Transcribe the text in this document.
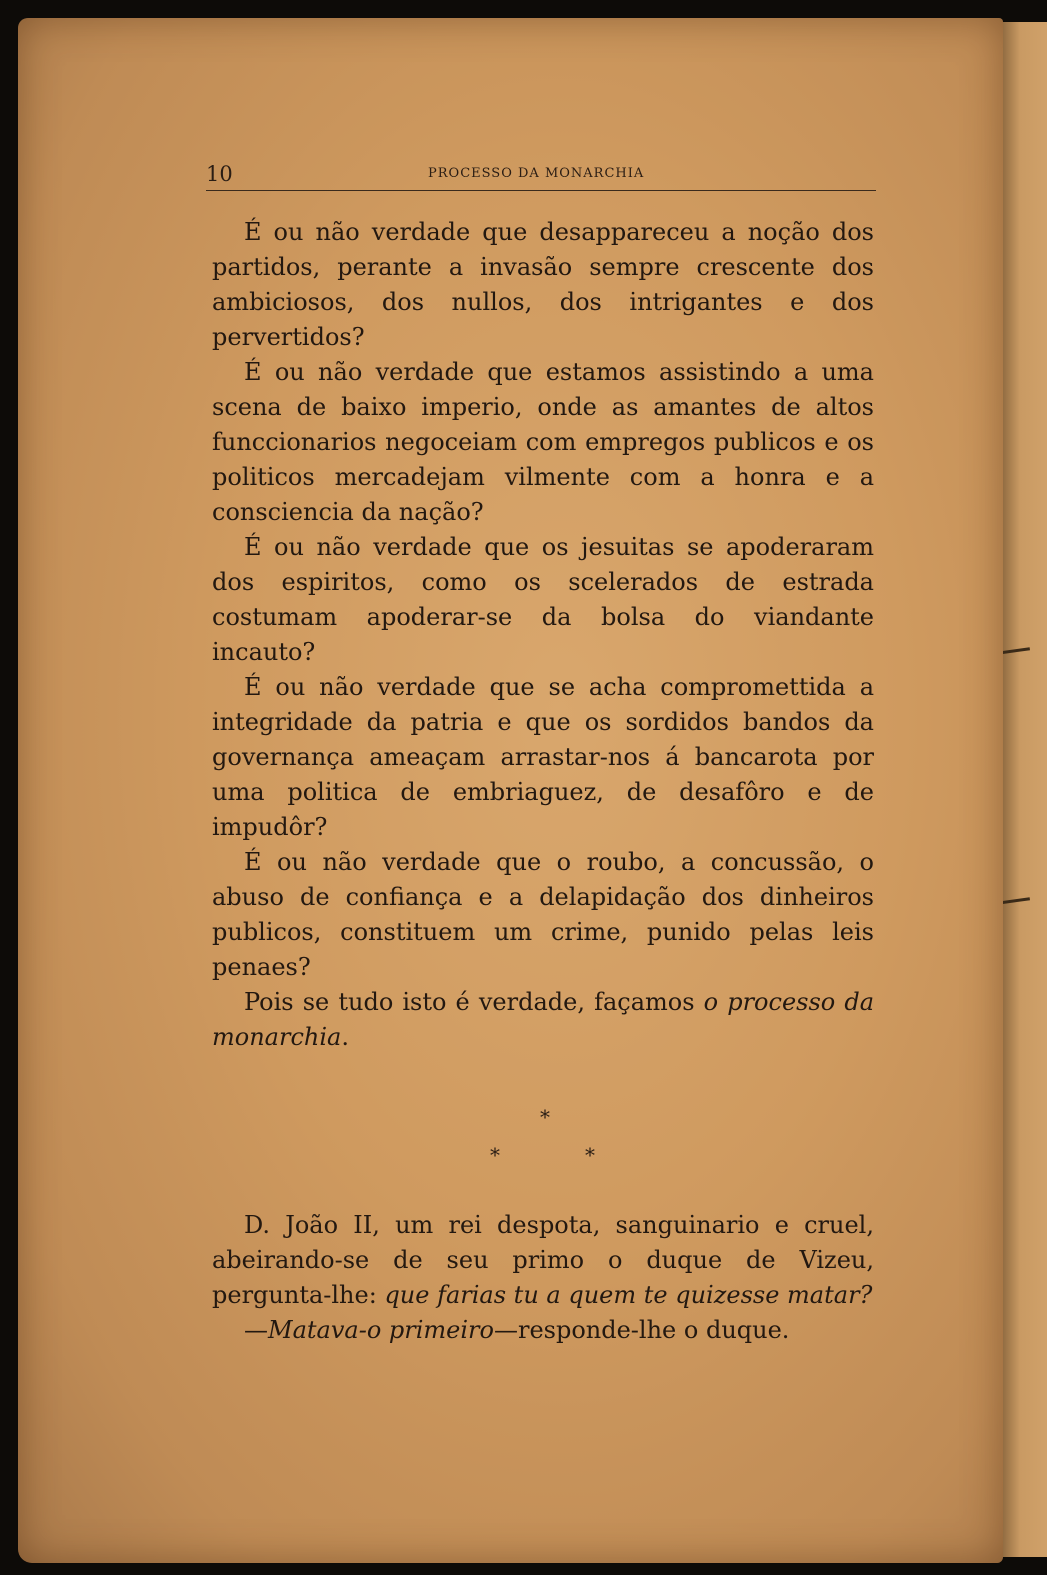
10	PROCESSO DA MONARCHIA

É ou não verdade que desappareceu a noção dos partidos, perante a invasão sempre crescente dos ambiciosos, dos nullos, dos intrigantes e dos pervertidos?

É ou não verdade que estamos assistindo a uma scena de baixo imperio, onde as amantes de altos funccionarios negoceiam com empregos publicos e os politicos mercadejam vilmente com a honra e a consciencia da nação?

É ou não verdade que os jesuitas se apoderaram dos espiritos, como os scelerados de estrada costumam apoderar-se da bolsa do viandante incauto?

É ou não verdade que se acha compromettida a integridade da patria e que os sordidos bandos da governança ameaçam arrastar-nos á bancarota por uma politica de embriaguez, de desafôro e de impudôr?

É ou não verdade que o roubo, a concussão, o abuso de confiança e a delapidação dos dinheiros publicos, constituem um crime, punido pelas leis penaes?

Pois se tudo isto é verdade, façamos o processo da monarchia.

*
*	*

D. João II, um rei despota, sanguinario e cruel, abeirando-se de seu primo o duque de Vizeu, pergunta-lhe: que farias tu a quem te quizesse matar?

—Matava-o primeiro—responde-lhe o duque.
